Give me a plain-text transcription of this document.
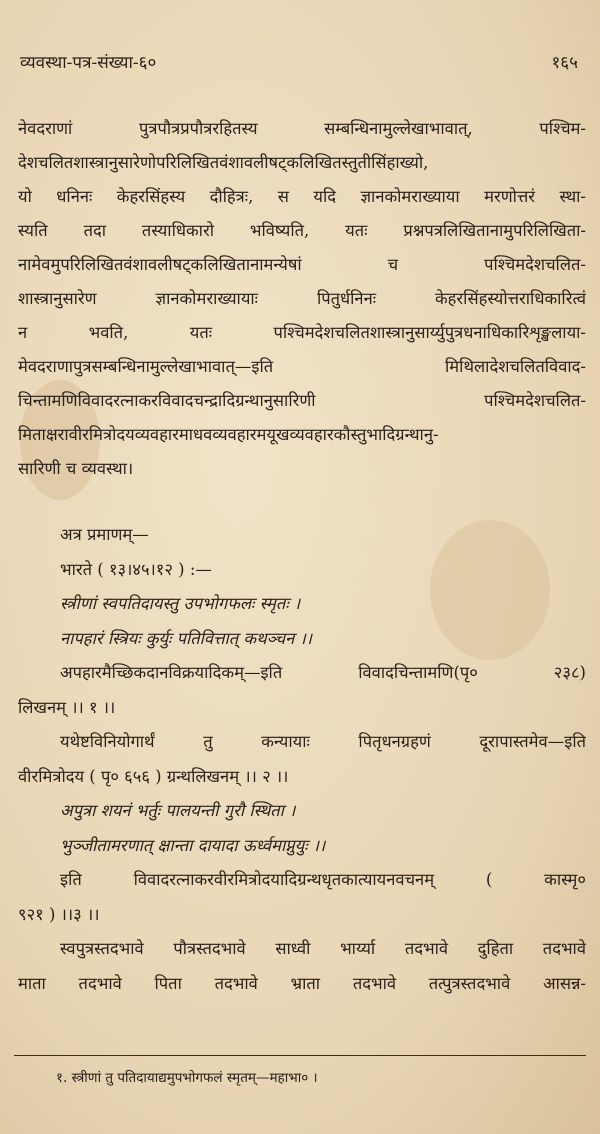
व्यवस्था-पत्र-संख्या-६०	१६५
नेवदराणां पुत्रपौत्रप्रपौत्ररहितस्य सम्बन्धिनामुल्लेखाभावात्, पश्चिम-
देशचलितशास्त्रानुसारेणोपरिलिखितवंशावलीषट्कलिखितस्तुतीसिंहाख्यो,
यो धनिनः केहरसिंहस्य दौहित्रः, स यदि ज्ञानकोमराख्याया मरणोत्तरं स्था-
स्यति तदा तस्याधिकारो भविष्यति, यतः प्रश्नपत्रलिखितानामुपरिलिखिता-
नामेवमुपरिलिखितवंशावलीषट्कलिखितानामन्येषां च पश्चिमदेशचलित-
शास्त्रानुसारेण ज्ञानकोमराख्यायाः पितुर्धनिनः केहरसिंहस्योत्तराधिकारित्वं
न भवति, यतः पश्चिमदेशचलितशास्त्रानुसार्य्युपुत्रधनाधिकारिशृङ्खलाया-
मेवदराणापुत्रसम्बन्धिनामुल्लेखाभावात्—इति मिथिलादेशचलितविवाद-
चिन्तामणिविवादरत्नाकरविवादचन्द्रादिग्रन्थानुसारिणी पश्चिमदेशचलित-
मिताक्षरावीरमित्रोदयव्यवहारमाधवव्यवहारमयूखव्यवहारकौस्तुभादिग्रन्थानु-
सारिणी च व्यवस्था।
अत्र प्रमाणम्—
भारते ( १३।४५।१२ ) :—
स्त्रीणां स्वपतिदायस्तु उपभोगफलः स्मृतः ।
नापहारं स्त्रियः कुर्युः पतिवित्तात् कथञ्चन ।।
अपहारमैच्छिकदानविक्रयादिकम्—इति विवादचिन्तामणि(पृ० २३८)
लिखनम् ।। १ ।।
यथेष्टविनियोगार्थं तु कन्यायाः पितृधनग्रहणं दूरापास्तमेव—इति
वीरमित्रोदय ( पृ० ६५६ ) ग्रन्थलिखनम् ।। २ ।।
अपुत्रा शयनं भर्तुः पालयन्ती गुरौ स्थिता ।
भुञ्जीतामरणात् क्षान्ता दायादा ऊर्ध्वमाप्नुयुः ।।
इति विवादरत्नाकरवीरमित्रोदयादिग्रन्थधृतकात्यायनवचनम् ( कास्मृ०
९२१ ) ।।३ ।।
स्वपुत्रस्तदभावे पौत्रस्तदभावे साध्वी भार्य्या तदभावे दुहिता तदभावे
माता तदभावे पिता तदभावे भ्राता तदभावे तत्पुत्रस्तदभावे आसन्न-
१. स्त्रीणां तु पतिदायाद्यमुपभोगफलं स्मृतम्—महाभा० ।
